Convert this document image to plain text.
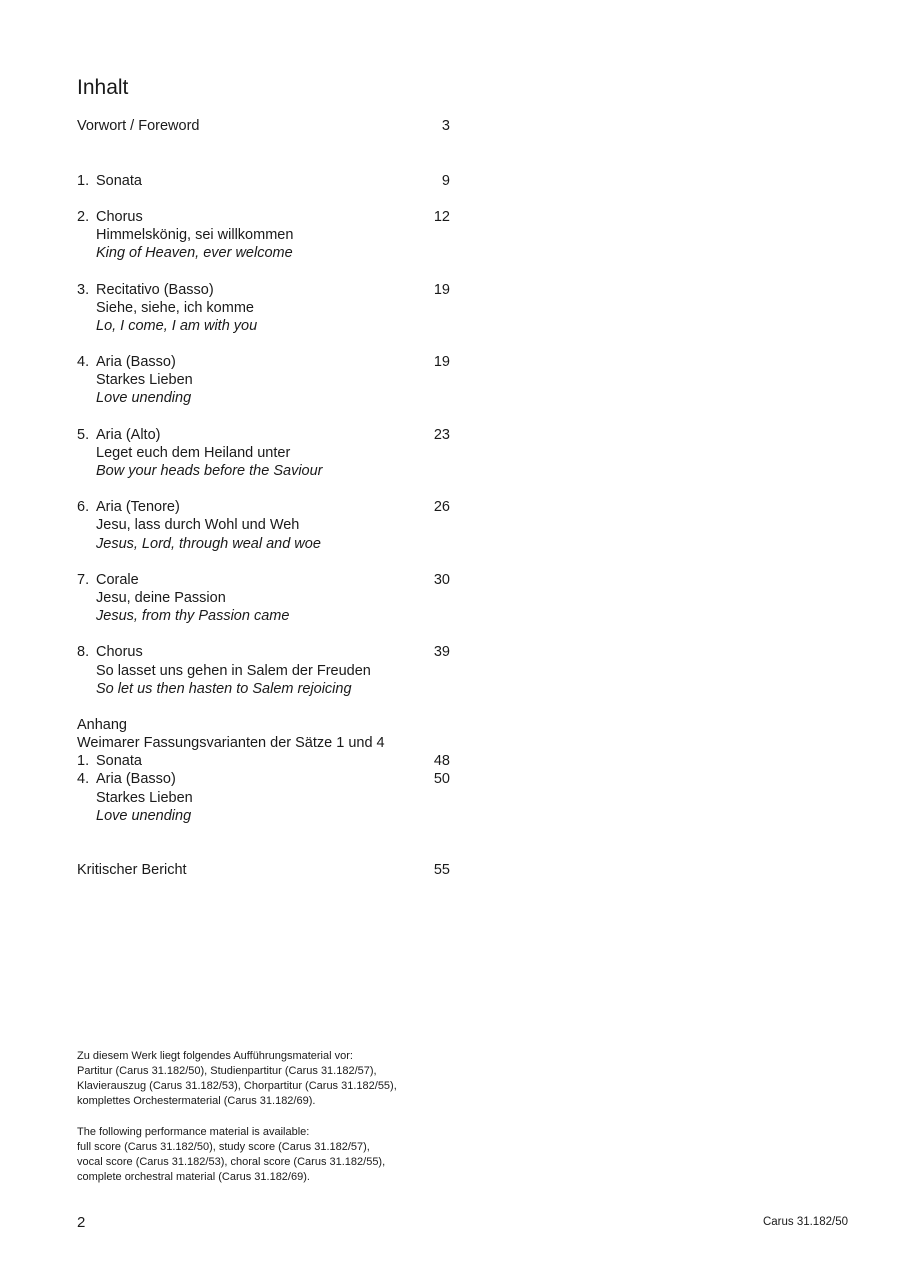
Inhalt
Vorwort / Foreword	3
1. Sonata	9
2. Chorus	12
Himmelskönig, sei willkommen
King of Heaven, ever welcome
3. Recitativo (Basso)	19
Siehe, siehe, ich komme
Lo, I come, I am with you
4. Aria (Basso)	19
Starkes Lieben
Love unending
5. Aria (Alto)	23
Leget euch dem Heiland unter
Bow your heads before the Saviour
6. Aria (Tenore)	26
Jesu, lass durch Wohl und Weh
Jesus, Lord, through weal and woe
7. Corale	30
Jesu, deine Passion
Jesus, from thy Passion came
8. Chorus	39
So lasset uns gehen in Salem der Freuden
So let us then hasten to Salem rejoicing
Anhang
Weimarer Fassungsvarianten der Sätze 1 und 4
1. Sonata	48
4. Aria (Basso)	50
Starkes Lieben
Love unending
Kritischer Bericht	55
Zu diesem Werk liegt folgendes Aufführungsmaterial vor:
Partitur (Carus 31.182/50), Studienpartitur (Carus 31.182/57),
Klavierauszug (Carus 31.182/53), Chorpartitur (Carus 31.182/55),
komplettes Orchestermaterial (Carus 31.182/69).
The following performance material is available:
full score (Carus 31.182/50), study score (Carus 31.182/57),
vocal score (Carus 31.182/53), choral score (Carus 31.182/55),
complete orchestral material (Carus 31.182/69).
2	Carus 31.182/50
